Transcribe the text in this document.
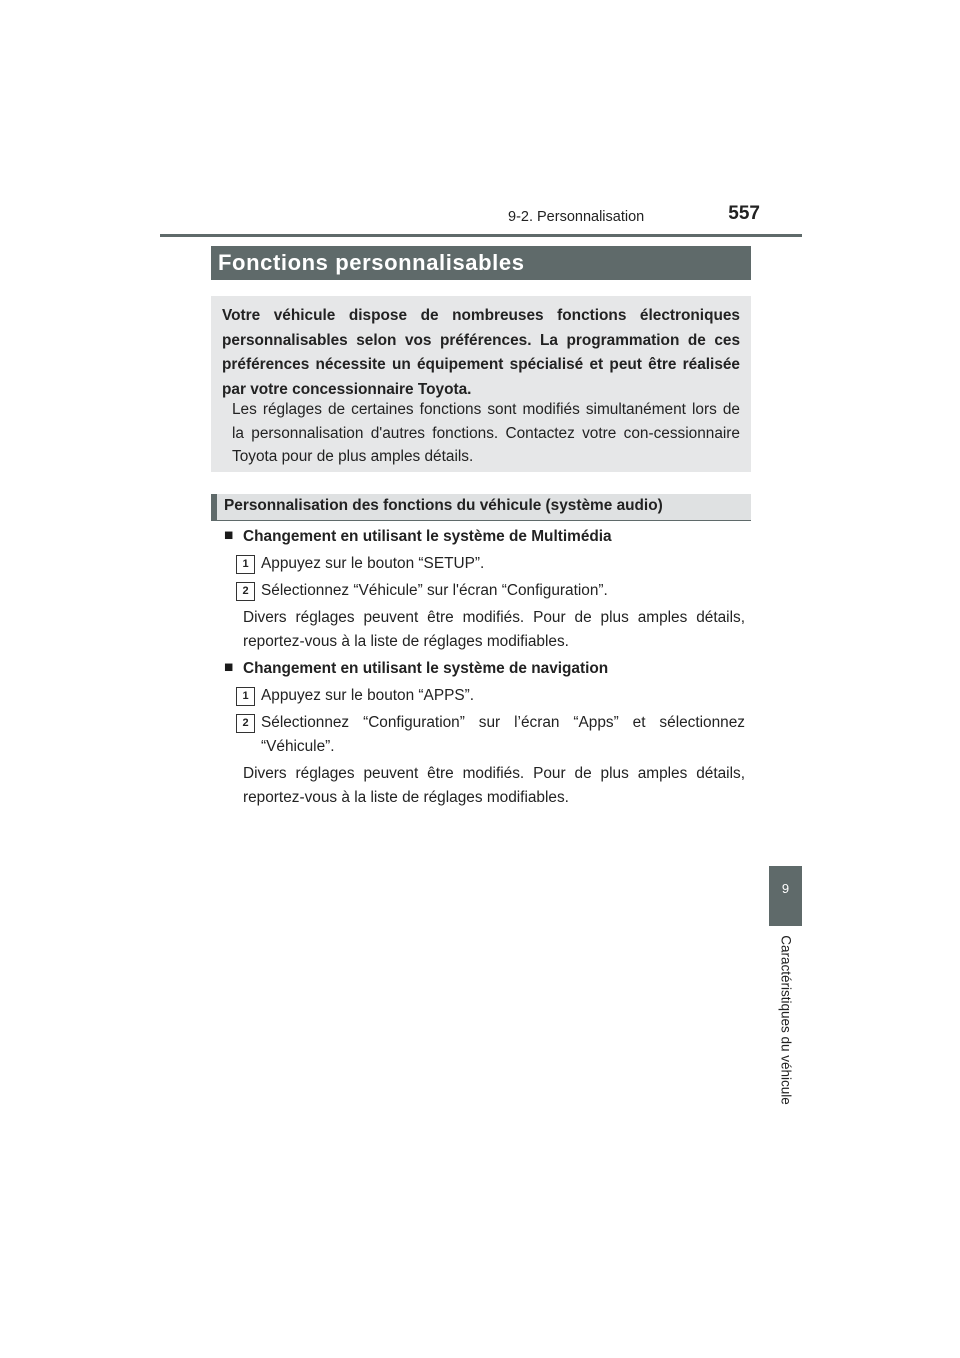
9-2. Personnalisation	557
9
Caractéristiques du véhicule
Fonctions personnalisables
Votre véhicule dispose de nombreuses fonctions électroniques personnalisables selon vos préférences. La programmation de ces préférences nécessite un équipement spécialisé et peut être réalisée par votre concessionnaire Toyota.
Les réglages de certaines fonctions sont modifiés simultanément lors de la personnalisation d'autres fonctions. Contactez votre con-cessionnaire Toyota pour de plus amples détails.
Personnalisation des fonctions du véhicule (système audio)
■ Changement en utilisant le système de Multimédia
1 Appuyez sur le bouton “SETUP”.
2 Sélectionnez “Véhicule” sur l'écran “Configuration”.
Divers réglages peuvent être modifiés. Pour de plus amples détails, reportez-vous à la liste de réglages modifiables.
■ Changement en utilisant le système de navigation
1 Appuyez sur le bouton “APPS”.
2 Sélectionnez “Configuration” sur l’écran “Apps” et sélectionnez “Véhicule”.
Divers réglages peuvent être modifiés. Pour de plus amples détails, reportez-vous à la liste de réglages modifiables.
